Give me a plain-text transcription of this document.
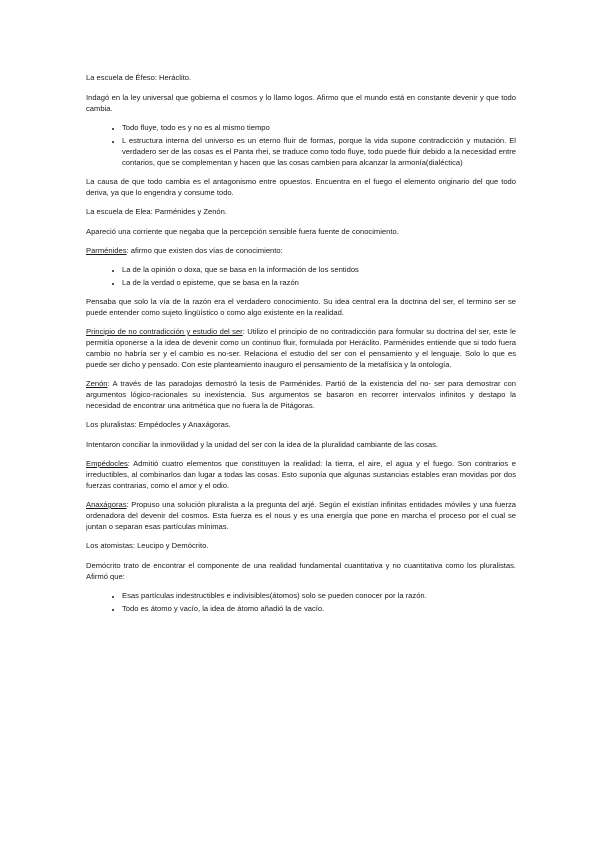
La escuela de Éfeso: Heráclito.

Indagó en la ley universal que gobierna el cosmos y lo llamo logos. Afirmo que el mundo está en constante devenir y que todo cambia.

• Todo fluye, todo es y no es al mismo tiempo
• L estructura interna del universo es un eterno fluir de formas, porque la vida supone contradicción y mutación. El verdadero ser de las cosas es el Panta rhei, se traduce como todo fluye, todo puede fluir debido a la necesidad entre contarios, que se complementan y hacen que las cosas cambien para alcanzar la armonía(dialéctica)

La causa de que todo cambia es el antagonismo entre opuestos. Encuentra en el fuego el elemento originario del que todo deriva, ya que lo engendra y consume todo.

La escuela de Elea: Parménides y Zenón.

Apareció una corriente que negaba que la percepción sensible fuera fuente de conocimiento.

Parménides: afirmo que existen dos vías de conocimiento:

• La de la opinión o doxa, que se basa en la información de los sentidos
• La de la verdad o episteme, que se basa en la razón

Pensaba que solo la vía de la razón era el verdadero conocimiento. Su idea central era la doctrina del ser, el termino ser se puede entender como sujeto lingüístico o como algo existente en la realidad.

Principio de no contradicción y estudio del ser: Utilizo el principio de no contradicción para formular su doctrina del ser, este le permitía oponerse a la idea de devenir como un continuo fluir, formulada por Heráclito. Parménides entiende que si todo fuera cambio no habría ser y el cambio es no-ser. Relaciona el estudio del ser con el pensamiento y el lenguaje. Solo lo que es puede ser dicho y pensado. Con este planteamiento inauguro el pensamiento de la metafísica y la ontología.

Zenón: A través de las paradojas demostró la tesis de Parménides. Partió de la existencia del no- ser para demostrar con argumentos lógico-racionales su inexistencia. Sus argumentos se basaron en recorrer intervalos infinitos y destapo la necesidad de encontrar una aritmética que no fuera la de Pitágoras.

Los pluralistas: Empédocles y Anaxágoras.

Intentaron conciliar la inmovilidad y la unidad del ser con la idea de la pluralidad cambiante de las cosas.

Empédocles: Admitió cuatro elementos que constituyen la realidad: la tierra, el aire, el agua y el fuego. Son contrarios e irreductibles, al combinarlos dan lugar a todas las cosas. Esto suponía que algunas sustancias estables eran movidas por dos fuerzas contrarias, como el amor y el odio.

Anaxágoras: Propuso una solución pluralista a la pregunta del arjé. Según el existían infinitas entidades móviles y una fuerza ordenadora del devenir del cosmos. Esta fuerza es el nous y es una energía que pone en marcha el proceso por el cual se juntan o separan esas partículas mínimas.

Los atomistas: Leucipo y Demócrito.

Demócrito trato de encontrar el componente de una realidad fundamental cuantitativa y no cuantitativa como los pluralistas. Afirmó que:

• Esas partículas indestructibles e indivisibles(átomos) solo se pueden conocer por la razón.
• Todo es átomo y vacío, la idea de átomo añadió la de vacío.
